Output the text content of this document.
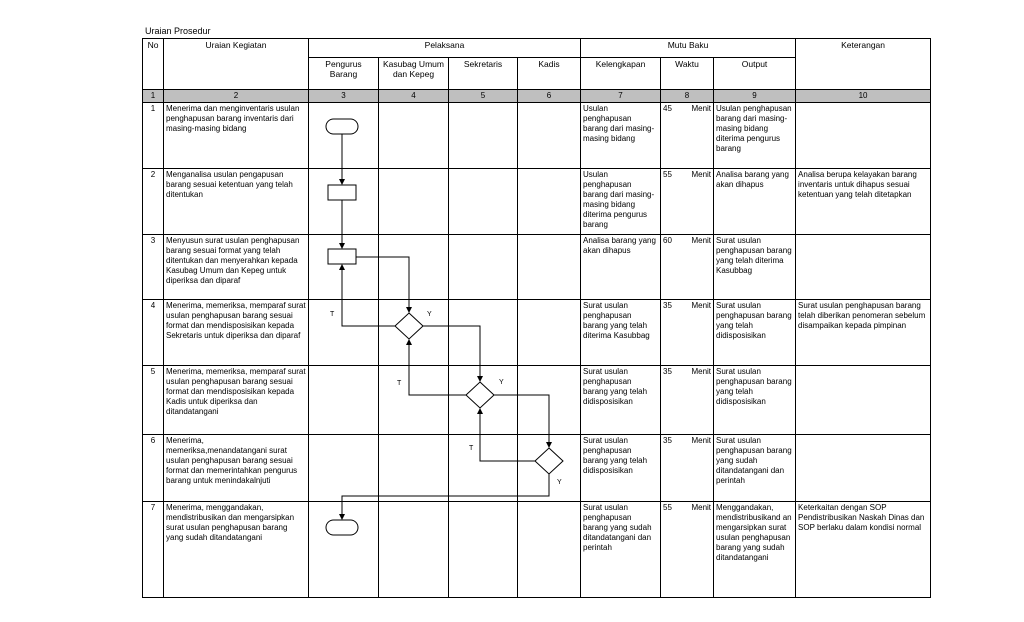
Uraian Prosedur
No	Uraian Kegiatan	Pelaksana				Mutu Baku			Keterangan
		Pengurus Barang	Kasubag Umum dan Kepeg	Sekretaris	Kadis	Kelengkapan	Waktu	Output	
1	2	3	4	5	6	7	8	9	10
1	Menerima dan menginventaris usulan penghapusan barang inventaris dari masing-masing bidang					Usulan penghapusan barang dari masing-masing bidang	45 Menit	Usulan penghapusan barang dari masing-masing bidang diterima pengurus barang	
2	Menganalisa usulan pengapusan barang sesuai ketentuan yang telah ditentukan					Usulan penghapusan barang dari masing-masing bidang diterima pengurus barang	55 Menit	Analisa barang yang akan dihapus	Analisa berupa kelayakan barang inventaris untuk dihapus sesuai ketentuan yang telah ditetapkan
3	Menyusun surat usulan penghapusan barang sesuai format yang telah ditentukan dan menyerahkan kepada Kasubag Umum dan Kepeg untuk diperiksa dan diparaf					Analisa barang yang akan dihapus	60 Menit	Surat usulan penghapusan barang yang telah diterima Kasubbag	
4	Menerima, memeriksa, memparaf surat usulan penghapusan barang sesuai format dan mendisposisikan kepada Sekretaris untuk diperiksa dan diparaf					Surat usulan penghapusan barang yang telah diterima Kasubbag	35 Menit	Surat usulan penghapusan barang yang telah didisposisikan	Surat usulan penghapusan barang telah diberikan penomeran sebelum disampaikan kepada pimpinan
5	Menerima, memeriksa, memparaf surat usulan penghapusan barang sesuai format dan mendisposisikan kepada Kadis untuk diperiksa dan ditandatangani					Surat usulan penghapusan barang yang telah didisposisikan	35 Menit	Surat usulan penghapusan barang yang telah didisposisikan	
6	Menerima, memeriksa,menandatangani surat usulan penghapusan barang sesuai format dan memerintahkan pengurus barang untuk menindakalnjuti					Surat usulan penghapusan barang yang telah didisposisikan	35 Menit	Surat usulan penghapusan barang yang sudah ditandatangani dan perintah	
7	Menerima, menggandakan, mendistribusikan dan mengarsipkan surat usulan penghapusan barang yang sudah ditandatangani					Surat usulan penghapusan barang yang sudah ditandatangani dan perintah	55 Menit	Menggandakan, mendistribusikand an mengarsipkan surat usulan penghapusan barang yang sudah ditandatangani	Keterkaitan dengan SOP Pendistribusikan Naskah Dinas dan SOP berlaku dalam kondisi normal
T	Y
T	Y
T
Y
